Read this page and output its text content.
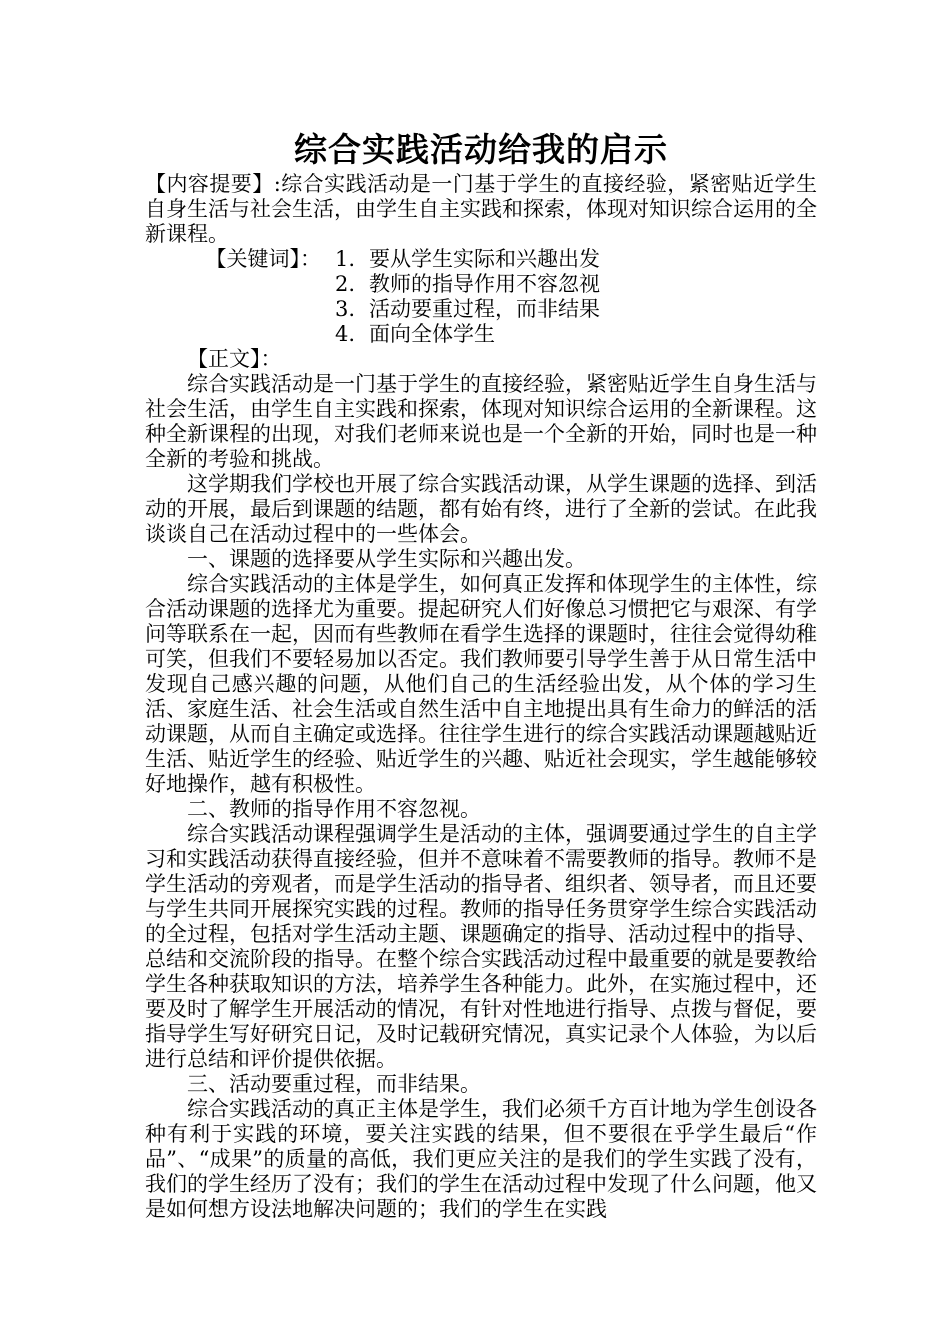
综合实践活动给我的启示

【内容提要】:综合实践活动是一门基于学生的直接经验，紧密贴近学生自身生活与社会生活，由学生自主实践和探索，体现对知识综合运用的全新课程。

【关键词】： 1. 要从学生实际和兴趣出发
2. 教师的指导作用不容忽视
3. 活动要重过程，而非结果
4. 面向全体学生

【正文】：

综合实践活动是一门基于学生的直接经验，紧密贴近学生自身生活与社会生活，由学生自主实践和探索，体现对知识综合运用的全新课程。这种全新课程的出现，对我们老师来说也是一个全新的开始，同时也是一种全新的考验和挑战。

这学期我们学校也开展了综合实践活动课，从学生课题的选择、到活动的开展，最后到课题的结题，都有始有终，进行了全新的尝试。在此我谈谈自己在活动过程中的一些体会。

一、课题的选择要从学生实际和兴趣出发。

综合实践活动的主体是学生，如何真正发挥和体现学生的主体性，综合活动课题的选择尤为重要。提起研究人们好像总习惯把它与艰深、有学问等联系在一起，因而有些教师在看学生选择的课题时，往往会觉得幼稚可笑，但我们不要轻易加以否定。我们教师要引导学生善于从日常生活中发现自己感兴趣的问题，从他们自己的生活经验出发，从个体的学习生活、家庭生活、社会生活或自然生活中自主地提出具有生命力的鲜活的活动课题，从而自主确定或选择。往往学生进行的综合实践活动课题越贴近生活、贴近学生的经验、贴近学生的兴趣、贴近社会现实，学生越能够较好地操作，越有积极性。

二、教师的指导作用不容忽视。

综合实践活动课程强调学生是活动的主体，强调要通过学生的自主学习和实践活动获得直接经验，但并不意味着不需要教师的指导。教师不是学生活动的旁观者，而是学生活动的指导者、组织者、领导者，而且还要与学生共同开展探究实践的过程。教师的指导任务贯穿学生综合实践活动的全过程，包括对学生活动主题、课题确定的指导、活动过程中的指导、总结和交流阶段的指导。在整个综合实践活动过程中最重要的就是要教给学生各种获取知识的方法，培养学生各种能力。此外，在实施过程中，还要及时了解学生开展活动的情况，有针对性地进行指导、点拨与督促，要指导学生写好研究日记，及时记载研究情况，真实记录个人体验，为以后进行总结和评价提供依据。

三、活动要重过程，而非结果。

综合实践活动的真正主体是学生，我们必须千方百计地为学生创设各种有利于实践的环境，要关注实践的结果，但不要很在乎学生最后“作品”、“成果”的质量的高低，我们更应关注的是我们的学生实践了没有，我们的学生经历了没有；我们的学生在活动过程中发现了什么问题，他又是如何想方设法地解决问题的；我们的学生在实践
